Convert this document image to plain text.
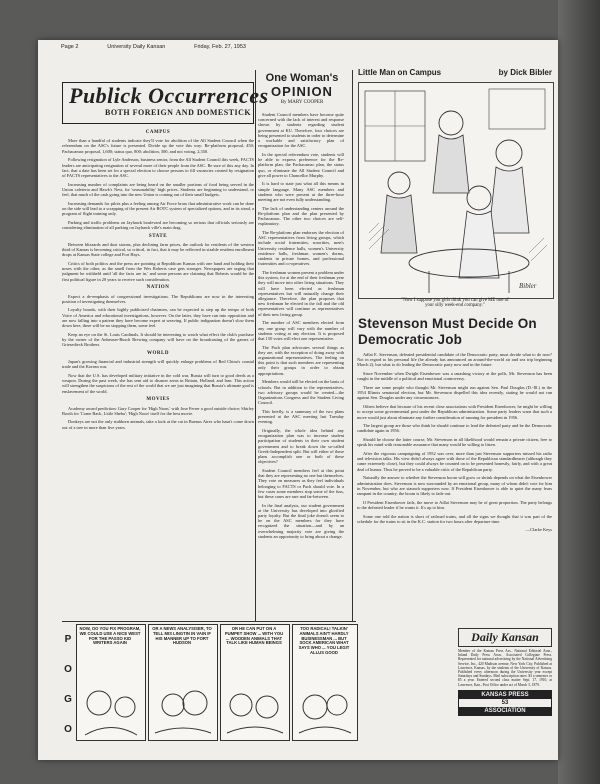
Page 2	University Daily Kansan	Friday, Feb. 27, 1953
Publick Occurrences
BOTH FOREIGN AND DOMESTICK
CAMPUS

More than a handful of students indicate they'll vote for abolition of the All Student Council when the referendum on the ASC's future is presented. Divide up the vote this way: Re-platform proposal, 450; Pachacamac proposal, 1,600; status quo, 800; abolition, 300, and not voting, 2,350.

Following resignation of Lyle Anderson, business senior, from the All Student Council this week, FACTS leaders are anticipating resignation of several more of their people from the ASC. Be sure of this any day. In fact, that a date has been set for a special election to choose persons to fill vacancies created by resignation of FACTS representatives to the ASC.

Increasing number of complaints are being heard on the smaller portions of food being served in the Union cafeteria and Hawk's Nest, for 'seasonability' high prices. Students are beginning to understand, or feel, that much of the cash going into the new Union is coming out of their small budgets.

Increasing demands for pilots plus a feeling among Air Force brass that administrative work can be done on the side will lead to a scrapping of the present Air ROTC system of specialized options, and in its stead, a program of flight training only.

Parking and traffic problems on Jayhawk boulevard are becoming so serious that officials seriously are considering elimination of all parking on Jayhawk ville's main drag.

STATE

Between blizzards and dust storms, plus declining farm prices, the outlook for residents of the western third of Kansas is becoming critical, so critical, in fact, that it may be reflected in sizable resident enrollment drops at Kansas State college and Fort Hays.

Critics of both politics and the press are pointing at Republican Kansas with one hand and holding their noses with the other, as the smell from the Wes Roberts case gets stronger. Newspapers are urging that judgment be withheld until 'all the facts are in,' and some persons are claiming that Roberts would be the first political figure in 20 years to receive such consideration.

NATION

Expect a de-emphasis of congressional investigations. The Republicans are now in the interesting position of investigating themselves.

Loyalty boards, with their highly publicized chairmen, can be expected to step up the tempo of both Voice of America and educational investigations, however. On the latter, they have run into opposition and are now falling into a pattern they have become expert at weaving. If public indignation doesn't slow them down here, there will be no stopping them, some feel.

Keep an eye on the St. Louis Cardinals. It should be interesting to watch what effect the club's purchase by the owner of the Anheuser-Busch Brewing company will have on the broadcasting of the games of Griesedieck Brothers.

WORLD

Japan's growing financial and industrial strength will quickly enlarge problems of Red China's coastal trade and the Korean war.

Now that the U.S. has developed military initiative in the cold war, Russia will turn to good deeds as a weapon. During the past week, she has sent aid to disaster areas in Britain, Holland, and Iran. This action will strengthen the suspicions of the rest of the world that we are just imagining that Russia's ultimate goal is enslavement of the world.

MOVIES

Academy award prediction: Gary Cooper for 'High Noon,' with Jose Ferrer a good outside choice; Shirley Booth for 'Come Back, Little Sheba'; 'High Noon' itself for the best movie.

Donkeys are not the only stubborn animals, take a look at the cat in Buenos Aires who hasn't come down out of a tree in more than five years.

One Woman's
OPINION
By MARY COOPER

Student Council members have become quite concerned with the lack of interest and response shown by students regarding student government at KU. Therefore, four choices are being presented to students in order to determine a workable and satisfactory plan of reorganization for the ASC.

In the special referendum vote, students will be able to express preference for the Re-platform plan, the Pachacamac plan, the status quo, or eliminate the All Student Council and give all power to Chancellor Murphy.

It is hard to state just what all this means in simple language. Many ASC members and students who were present at the three-hour meeting are not even fully understanding.

The lack of understanding centers around the Re-platform plan and the plan presented by Pachacamac. The other two choices are self-explanatory.

The Re-platform plan endorses the election of ASC representatives from living groups, which include social fraternities, sororities, men's University residence halls, women's University residence halls, freshman women's dorms, students in private homes, and professional fraternities and co-operatives.

The freshman women present a problem under this system, for at the end of their freshman year they will move into other living situations. They will have been elected as freshman representatives but will naturally change their allegiance. Therefore, the plan proposes that new freshman be elected in the fall and the old representatives will continue as representatives of their new living group.

The number of ASC members elected from any one group will vary with the number of students voting at any election. It is proposed that 150 votes will elect one representative.

The Pach plan advocates several things as they are, with the exception of doing away with organizational representatives. The feeling on this point is that such members are representing only their groups in order to obtain appropriations.

Members would still be elected on the basis of schools. But in addition to the representatives, two advisory groups would be created—the Organizations Congress and the Student Living Council.

This briefly, is a summary of the two plans presented at the ASC meeting last Tuesday evening.

Originally, the whole idea behind any reorganization plan was to increase student participation of students in their own student government and to break down the so-called Greek-Independent split. But will either of these plans accomplish one or both of these objectives?

Student Council members feel at this point that they are representing no one but themselves. They vote on measures as they feel individuals belonging to FACTS or Pach should vote. In a few cases some members stop some of the fuss, but these cases are rare and far-between.

In the final analysis, our student government at the University has developed into glorified party loyalty. But the final joke doesn't seem to be on the ASC members for they have recognized the situation—and by an overwhelming majority vote are giving the students an opportunity to bring about a change.

Little Man on Campus	by Dick Bibler
Bibler
"Now I suppose you girls think you can give ME one of
your silly week-end company."
Stevenson Must Decide On Democratic Job

Adlai E. Stevenson, defeated presidential candidate of the Democratic party, must decide what to do now? Not in regard to his personal life (he already has announced an around-the-world air and sea trip beginning March 2), but what to do leading the Democratic party now and in the future.

Since November when Dwight Eisenhower was a smashing victory at the polls, Mr. Stevenson has been caught in the middle of a political and emotional controversy.

There are some people who thought Mr. Stevenson might run against Sen. Paul Douglas (D.-Ill.) in the 1954 Illinois senatorial election, but Mr. Stevenson dispelled this idea recently, stating he would not run against Sen. Douglas under any circumstances.

Others believe that because of his recent close associations with President Eisenhower, he might be willing to accept some governmental post under the Republican administration. Some party leaders warn that such a move would just about eliminate any further consideration of running for president in 1956.

The largest group are those who think he should continue to lead the defeated party and be the Democratic candidate again in 1956.

Should he choose the latter course, Mr. Stevenson in all likelihood would remain a private citizen, free to speak his mind with reasonable assurance that many would be willing to listen.

After the vigorous campaigning of 1952 was over, more than just Stevenson supporters missed his radio and television talks. His view didn't always agree with those of the Republican standardbearer (although they came extremely close), but they could always be counted on to be presented honestly, fairly, and with a great deal of humor. Thus he proved to be a valuable critic of the Republican party.

Naturally the answer to whether the Stevenson boom will grow or shrink depends on what the Eisenhower administration does. Stevenson is now surrounded by an emotional group, many of whom didn't vote for him in November, but who are staunch supporters now. If President Eisenhower is able to quiet the many fears rampant in the country, the boom is likely to fade out.

If President Eisenhower fails, the move to Adlai Stevenson may be of great proportion. The party belongs to the defeated leader if he wants it. It's up to him.

Some one told the nation is short of railroad trains, and all the signs we thought that it was part of the schedule for the trains to sit in the K.C. station for two hours after departure time.

—Clarke Keys
NOW, OO YOU FIX PROGRAM, WE COULD USE A NICE WEST FOR THE PASSO KID WRITERS AGAIN
OR A NEWS ANALYSISER, TO TELL MIS LINGTIN IN VAIN IF HIS MANNER UP TO FORT HUDSON
OR HE CAN PUT ON A PUMPET SHOW ... WITH YOU ... WOODEN ANIMALS THAT TALK LIKE HUMAN BEINGS
TOO RADICAL! TALKIN' ANIMALS AIN'T HARDLY BUSINESSMAN ... BUT SOCK AMERICAN WHAT SAYS WHO ... YOU LEGIT ALLUS GOOD
P
O
G
O
Daily Kansan
Member of the Kansas Press Ass., National Editorial Assn., Inland Daily Press Assn., Associated Collegiate Press. Represented for national advertising by the National Advertising Service, Inc., 420 Madison avenue, New York City. Published at Lawrence, Kansas, by the students of the University of Kansas. Published every afternoon during the University year except Saturdays and Sundays. Mail subscription rates: $3 a semester or $5 a year. Entered second class matter Sept. 17, 1910, at Lawrence, Kan., Post Office under act of March 3, 1879.
KANSAS PRESS
53
ASSOCIATION
